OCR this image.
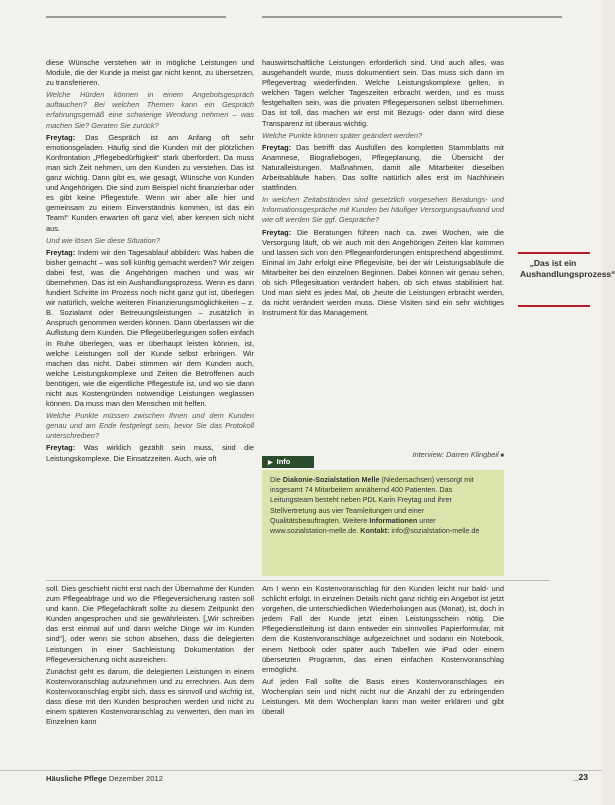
diese Wünsche verstehen wir in mögliche Leistungen und Module, die der Kunde ja meist gar nicht kennt, zu übersetzen, zu transferieren.

Welche Hürden können in einem Angebotsgespräch auftauchen? Bei welchen Themen kann ein Gespräch erfahrungsgemäß eine schwierige Wendung nehmen – was machen Sie? Geraten Sie zurück?

Freytag: Das Gespräch ist am Anfang oft sehr emotionsgeladen. Häufig sind die Kunden mit der plötzlichen Konfrontation „Pflegebedürftigkeit“ stark überfordert. Da muss man sich Zeit nehmen, um den Kunden zu verstehen. Das ist ganz wichtig. Dann gibt es, wie gesagt, Wünsche von Kunden und Angehörigen. Die sind zum Beispiel nicht finanzierbar oder es gibt keine Pflegestufe. Wenn wir aber alle hier und gemeinsam zu einem Einverständnis kommen, ist das ein Team!“ Kunden erwarten oft ganz viel, aber kennen sich nicht aus.

Und wie lösen Sie diese Situation?

Freytag: Indem wir den Tagesablauf abbilden: Was haben die bisher gemacht – was soll künftig gemacht werden? Wir zeigen dabei fest, was die Angehörigen machen und was wir übernehmen. Das ist ein Aushandlungsprozess. Wenn es dann fundiert Schritte im Prozess noch nicht ganz gut ist, überlegen wir natürlich, welche weiteren Finanzierungsmöglichkeiten – z. B. Sozialamt oder Betreuungsleistungen – zusätzlich in Anspruch genommen werden können. Dann überlassen wir die Auflistung dem Kunden. Die Pflegeüberlegungen sollen einfach in Ruhe überlegen, was er überhaupt leisten können, ist, welche Leistungen soll der Kunde selbst erbringen. Wir machen das nicht. Dabei stimmen wir dem Kunden auch, welche Leistungskomplexe und Zeiten die Betroffenen auch benötigen, wie die eigentliche Pflegestufe ist, und wo sie dann nicht aus Kostengründen notwendige Leistungen weglassen können. Da muss man den Menschen mit helfen.

Welche Punkte müssen zwischen Ihnen und dem Kunden genau und am Ende festgelegt sein, bevor Sie das Protokoll unterschreiben?

Freytag: Was wirklich gezählt sein muss, sind die Leistungskomplexe. Die Einsatzzeiten. Auch, wie oft

hauswirtschaftliche Leistungen erforderlich sind. Und auch alles, was ausgehandelt wurde, muss dokumentiert sein. Das muss sich dann im Pflegevertrag wiederfinden. Welche Leistungskomplexe gelten, in welchen Tagen welcher Tageszeiten erbracht werden, und es muss festgehalten sein, was die privaten Pflegepersonen selbst übernehmen. Das ist toll, das machen wir erst mit Bezugs- oder dann wird diese Transparenz ist überaus wichtig.

Welche Punkte können später geändert werden?

Freytag: Das betrifft das Ausfüllen des kompletten Stammblatts mit Anamnese, Biografiebogen, Pflegeplanung, die Übersicht der Naturalleistungen. Maßnahmen, damit alle Mitarbeiter dieselben Arbeitsabläufe haben. Das sollte natürlich alles erst im Nachhinein stattfinden.

In welchen Zeitabständen sind gesetzlich vorgesehen Beratungs- und Informationsgespräche mit Kunden bei häufiger Versorgungsaufwand und wie oft werden Sie ggf. Gespräche?

Freytag: Die Beratungen führen nach ca. zwei Wochen, wie die Versorgung läuft, ob wir auch mit den Angehörigen Zeiten klar kommen und lassen sich von den Pflegeanforderungen entsprechend abgestimmt. Einmal im Jahr erfolgt eine Pflegevisite, bei der wir Leistungsabläufe die Mitarbeiter bei den einzelnen Beginnen. Dabei können wir genau sehen, ob sich Pflegesituation verändert haben, ob sich etwas stabilisiert hat. Und man sieht es jedes Mal, ob „heute die Leistungen erbracht werden, da nicht verändert werden muss. Diese Visiten sind ein sehr wichtiges Instrument für das Management.

Interview: Darren Klingbeil ■
„Das ist ein Aushandlungsprozess“
▶ Info
Die Diakonie-Sozialstation Melle (Niedersachsen) versorgt mit insgesamt 74 Mitarbeitern annähernd 400 Patienten. Das Leitungsteam besteht neben PDL Karin Freytag und ihrer Stellvertretung aus vier Teamleitungen und einer Qualitätsbeauftragten. Weitere Informationen unter www.sozialstation-melle.de. Kontakt: info@sozialstation-melle.de

soll. Dies geschieht nicht erst nach der Übernahme der Kunden zum Pflegeabfrage und wo die Pflegeversicherung rasten soll und kann. Die Pflegefachkraft sollte zu diesem Zeitpunkt den Kunden angesprochen und sie gewährleisten. [„Wir schreiben das erst einmal auf und dann welche Dinge wir im Kunden sind“], oder wenn sie schon absehen, dass die delegierten Leistungen in einer Sachleistung Dokumentation der Pflegeversicherung nicht ausreichen.

Zunächst geht es darum, die delegierten Leistungen in einem Kostenvoranschlag aufzunehmen und zu errechnen. Aus dem Kostenvoranschlag ergibt sich, dass es sinnvoll und wichtig ist, dass diese mit den Kunden besprochen werden und nicht zu einem späteren Kostenvoranschlag zu verwerten, den man im Einzelnen kann

Am I wenn ein Kostenvoranschlag für den Kunden leicht nur bald- und schlicht erfolgt. In einzelnen Details nicht ganz richtig ein Angebot ist jetzt vorgehen, die unterschiedlichen Wiederholungen aus (Monat), ist, doch in jedem Fall der Kunde jetzt einen Leistungsschein nötig. Die Pflegedienstleitung ist dann entweder ein sinnvolles Papierformular, mit dem die Kostenvoranschläge aufgezeichnet und sodann ein Notebook, einem Netbook oder später auch Tabellen wie iPad oder einem übersetzten Programm, das einen einfachen Kostenvoranschlag ermöglicht.

Auf jeden Fall sollte die Basis eines Kostenvoranschlages ein Wochenplan sein und nicht nicht nur die Anzahl der zu erbringenden Leistungen. Mit dem Wochenplan kann man weiter erklären und gibt überall

Häusliche Pflege Dezember 2012	_23
